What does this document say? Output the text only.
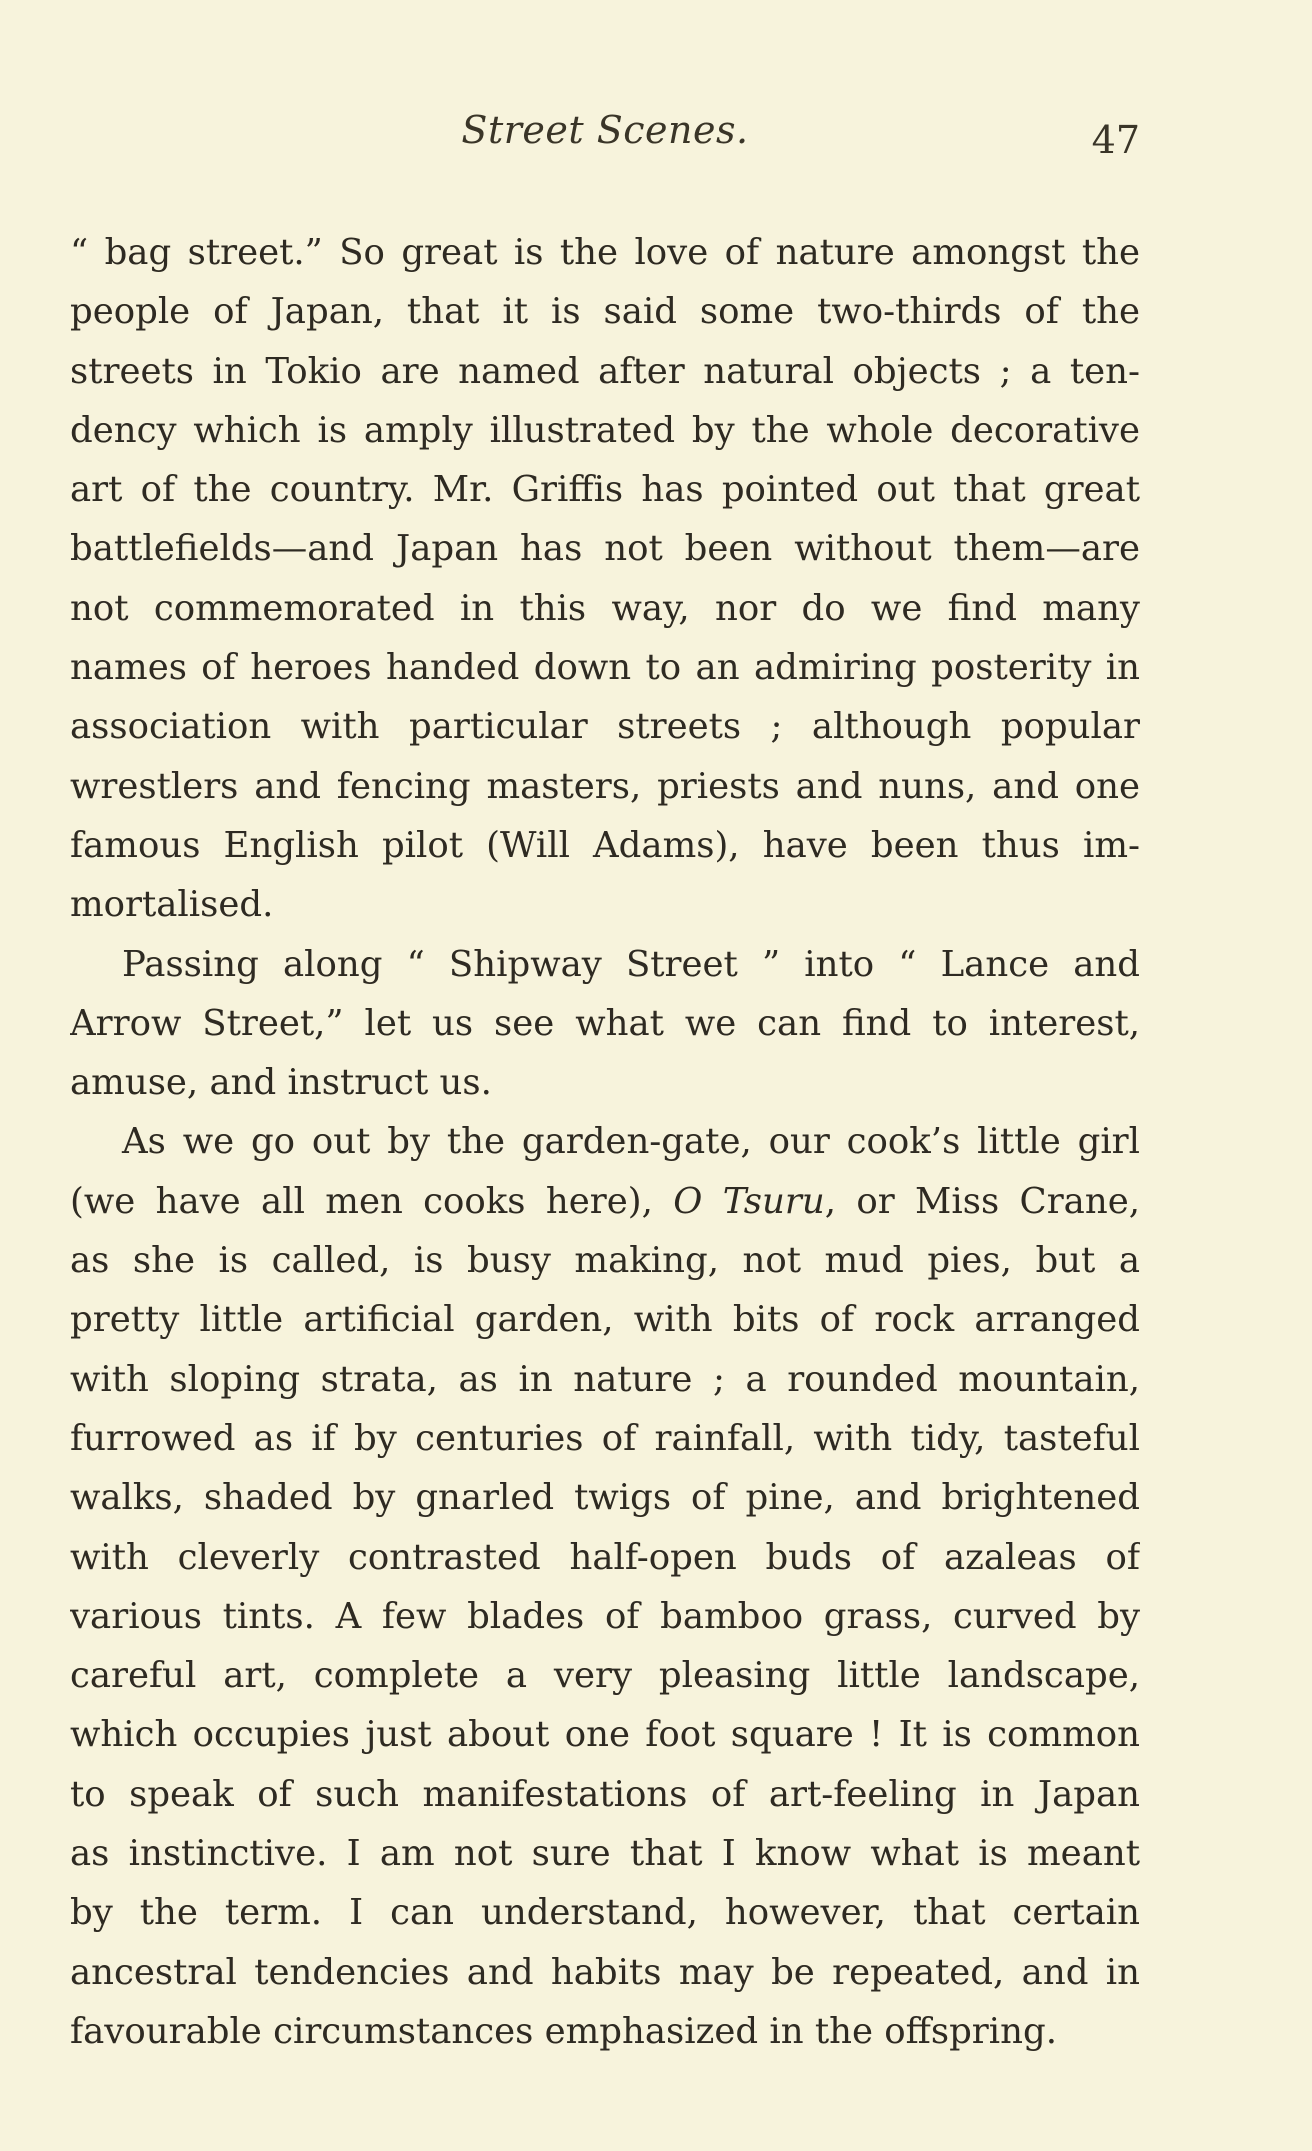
Street Scenes.	47
“ bag street.” So great is the love of nature amongst the
people of Japan, that it is said some two-thirds of the
streets in Tokio are named after natural objects ; a ten-
dency which is amply illustrated by the whole decorative
art of the country. Mr. Griffis has pointed out that great
battlefields—and Japan has not been without them—are
not commemorated in this way, nor do we find many
names of heroes handed down to an admiring posterity in
association with particular streets ; although popular
wrestlers and fencing masters, priests and nuns, and one
famous English pilot (Will Adams), have been thus im-
mortalised.
Passing along “ Shipway Street ” into “ Lance and
Arrow Street,” let us see what we can find to interest,
amuse, and instruct us.
As we go out by the garden-gate, our cook’s little girl
(we have all men cooks here), O Tsuru, or Miss Crane,
as she is called, is busy making, not mud pies, but a
pretty little artificial garden, with bits of rock arranged
with sloping strata, as in nature ; a rounded mountain,
furrowed as if by centuries of rainfall, with tidy, tasteful
walks, shaded by gnarled twigs of pine, and brightened
with cleverly contrasted half-open buds of azaleas of
various tints. A few blades of bamboo grass, curved by
careful art, complete a very pleasing little landscape,
which occupies just about one foot square ! It is common
to speak of such manifestations of art-feeling in Japan
as instinctive. I am not sure that I know what is meant
by the term. I can understand, however, that certain
ancestral tendencies and habits may be repeated, and in
favourable circumstances emphasized in the offspring.
